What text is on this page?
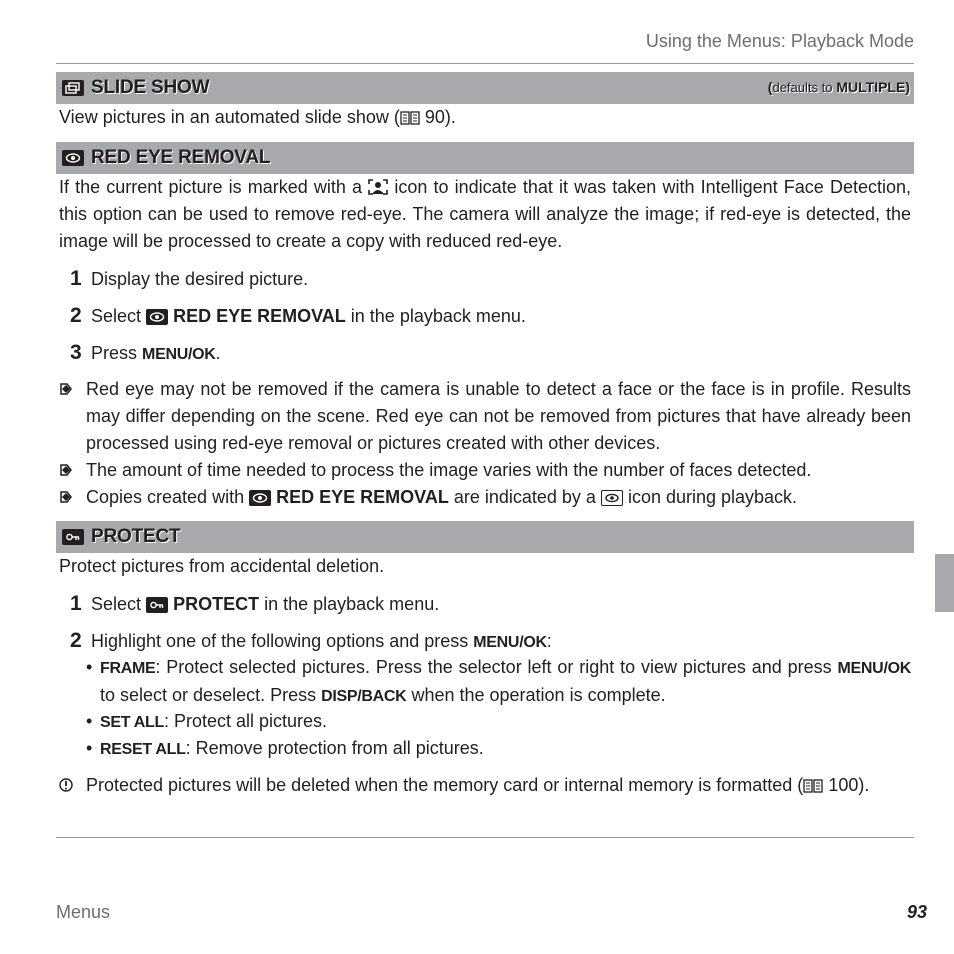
Using the Menus: Playback Mode
SLIDE SHOW	(defaults to MULTIPLE)
View pictures in an automated slide show ( 90).
RED EYE REMOVAL
If the current picture is marked with a icon to indicate that it was taken with Intelligent Face Detection, this option can be used to remove red-eye. The camera will analyze the image; if red-eye is detected, the image will be processed to create a copy with reduced red-eye.
1 Display the desired picture.
2 Select RED EYE REMOVAL in the playback menu.
3 Press MENU/OK.
Red eye may not be removed if the camera is unable to detect a face or the face is in profile. Results may differ depending on the scene. Red eye can not be removed from pictures that have already been processed using red-eye removal or pictures created with other devices.
The amount of time needed to process the image varies with the number of faces detected.
Copies created with RED EYE REMOVAL are indicated by a icon during playback.
PROTECT
Protect pictures from accidental deletion.
1 Select PROTECT in the playback menu.
2 Highlight one of the following options and press MENU/OK:
• FRAME: Protect selected pictures. Press the selector left or right to view pictures and press MENU/OK to select or deselect. Press DISP/BACK when the operation is complete.
• SET ALL: Protect all pictures.
• RESET ALL: Remove protection from all pictures.
Protected pictures will be deleted when the memory card or internal memory is formatted ( 100).
Menus	93
